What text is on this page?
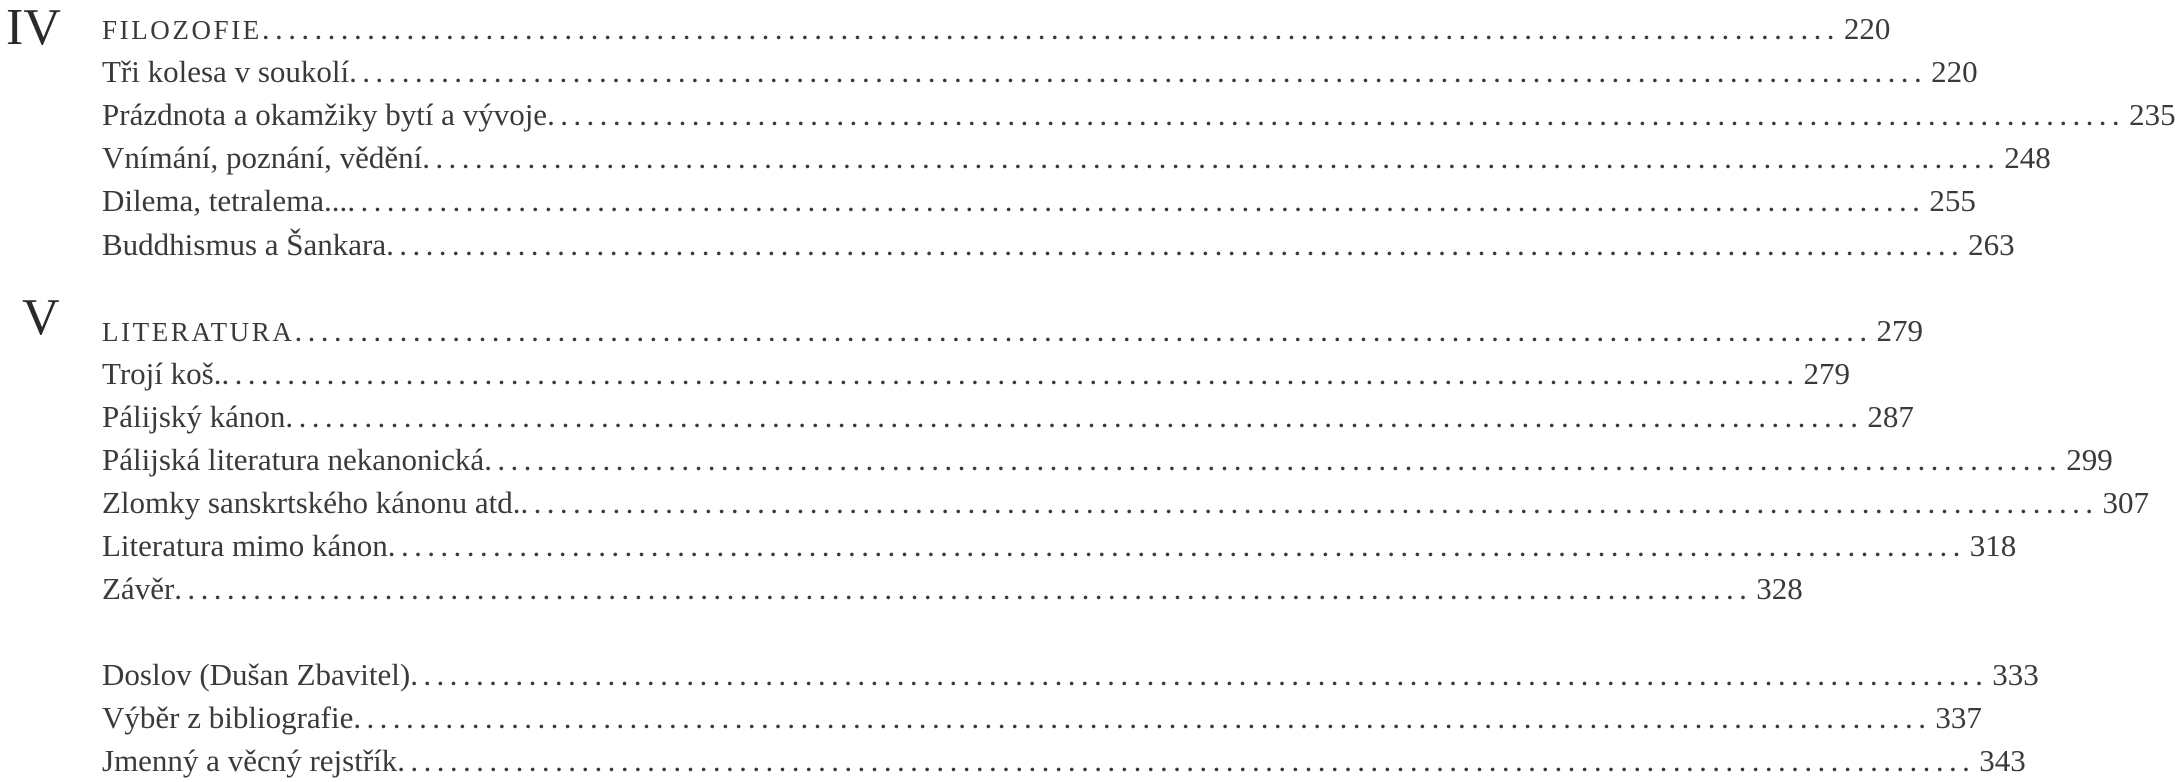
IV FILOZOFIE ........................................................................................................................ 220
Tři kolesa v soukolí ........................................................................................................................ 220
Prázdnota a okamžiky bytí a vývoje ........................................................................................................................ 235
Vnímání, poznání, vědění ........................................................................................................................ 248
Dilema, tetralema... ........................................................................................................................ 255
Buddhismus a Šankara ........................................................................................................................ 263
V LITERATURA ........................................................................................................................ 279
Trojí koš. ........................................................................................................................ 279
Pálijský kánon ........................................................................................................................ 287
Pálijská literatura nekanonická ........................................................................................................................ 299
Zlomky sanskrtského kánonu atd. ........................................................................................................................ 307
Literatura mimo kánon ........................................................................................................................ 318
Závěr ........................................................................................................................ 328
Doslov (Dušan Zbavitel) ........................................................................................................................ 333
Výběr z bibliografie ........................................................................................................................ 337
Jmenný a věcný rejstřík ........................................................................................................................ 343
